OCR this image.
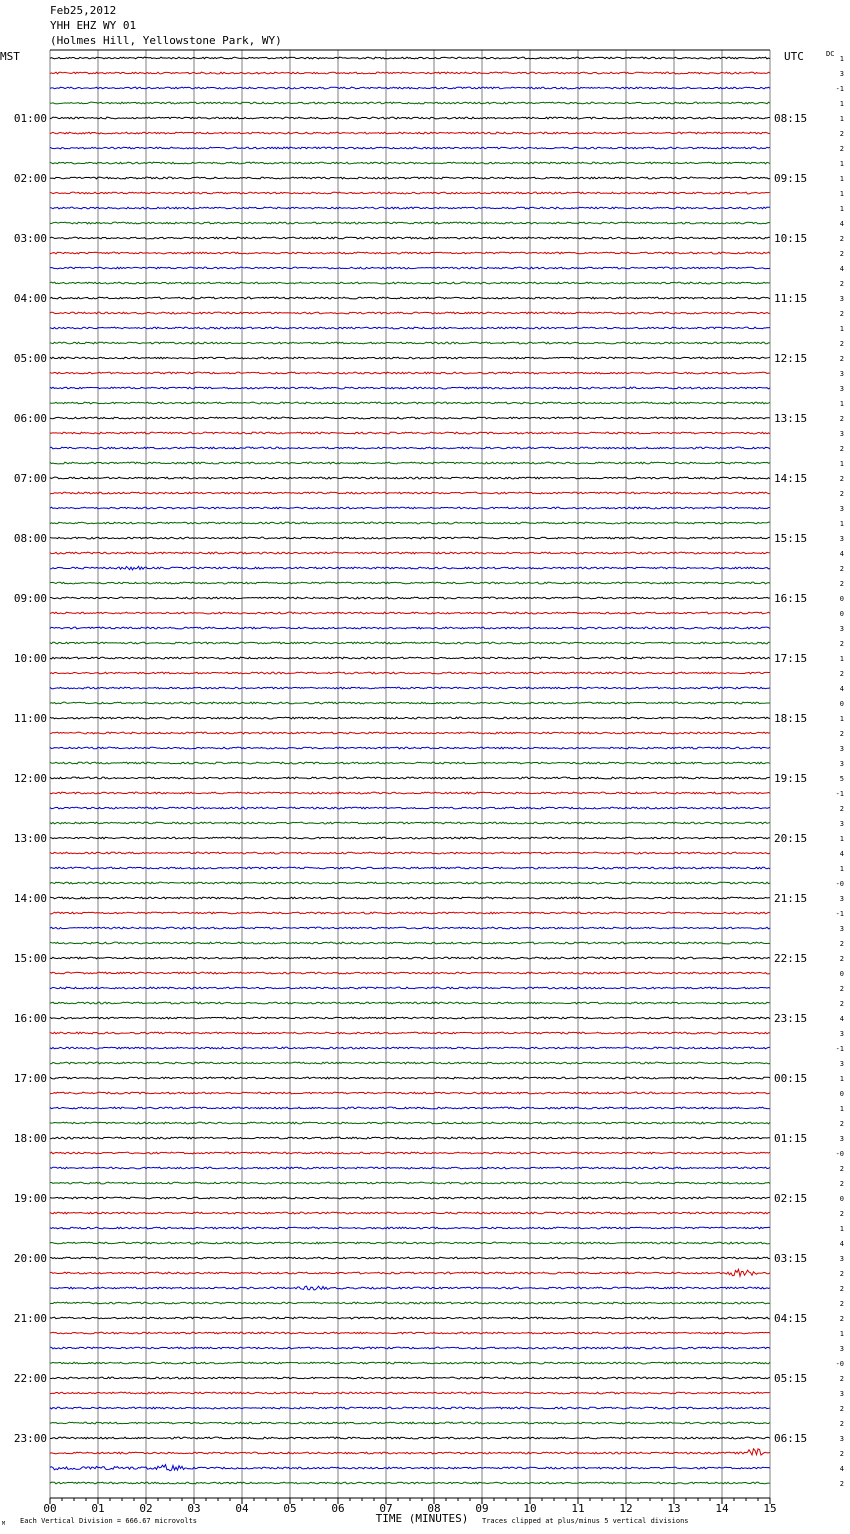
Feb25,2012
YHH EHZ WY 01
(Holmes Hill, Yellowstone Park, WY)
MST	UTC	DC
01:00	08:15
02:00	09:15
03:00	10:15
04:00	11:15
05:00	12:15
06:00	13:15
07:00	14:15
08:00	15:15
09:00	16:15
10:00	17:15
11:00	18:15
12:00	19:15
13:00	20:15
14:00	21:15
15:00	22:15
16:00	23:15
17:00	00:15
18:00	01:15
19:00	02:15
20:00	03:15
21:00	04:15
22:00	05:15
23:00	06:15
1
3
-1
1
1
2
2
1
1
1
1
4
2
2
4
2
3
2
1
2
2
3
3
1
2
3
2
1
2
2
3
1
3
4
2
2
0
0
3
2
1
2
4
0
1
2
3
3
5
-1
2
3
1
4
1
-0
3
-1
3
2
2
0
2
2
4
3
-1
3
1
0
1
2
3
-0
2
2
0
2
1
4
3
2
2
2
2
1
3
-0
2
3
2
2
3
2
4
2
00	01	02	03	04	05	06	07	08	09	10	11	12	13	14	15
TIME (MINUTES)
Each Vertical Division = 666.67 microvolts	Traces clipped at plus/minus 5 vertical divisions
M
